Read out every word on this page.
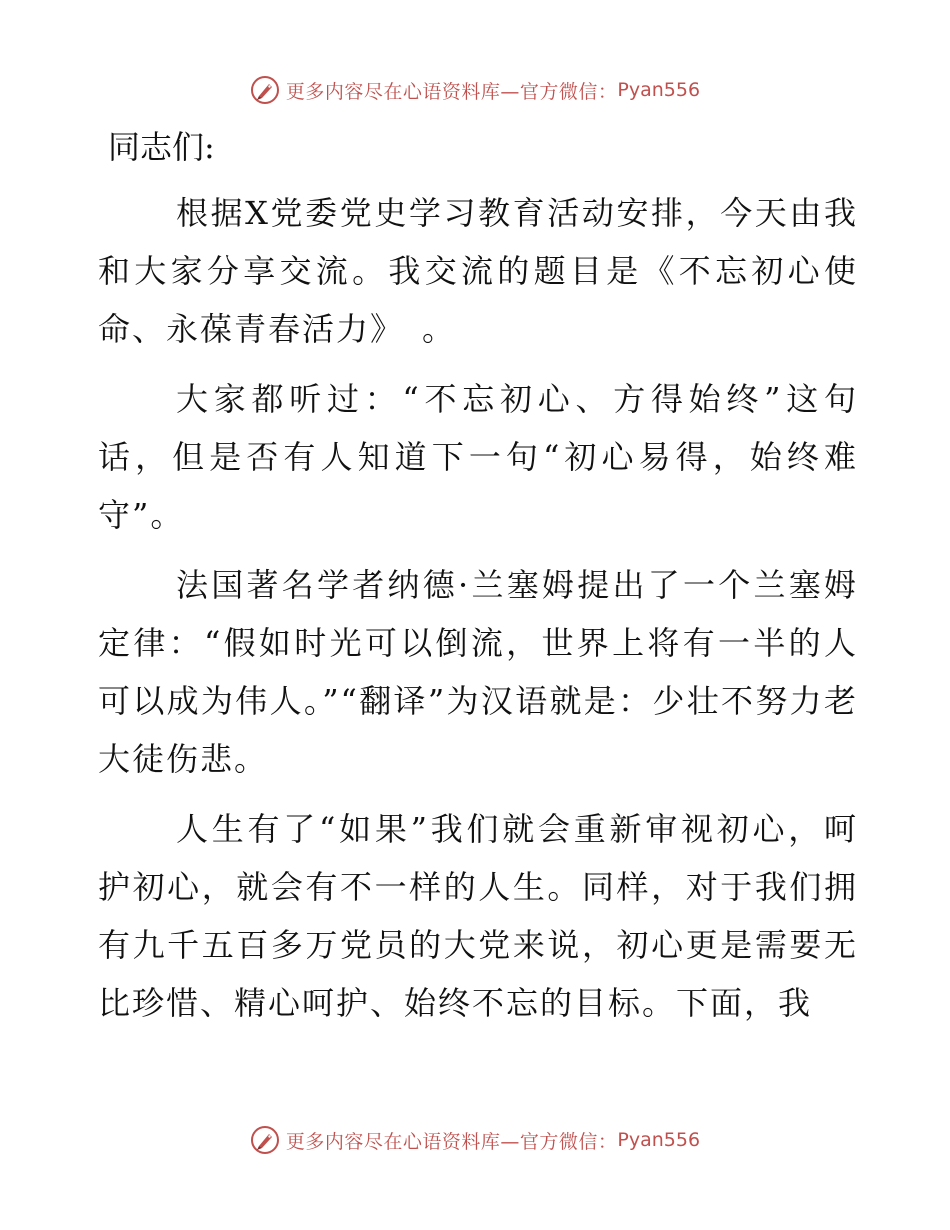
更多内容尽在心语资料库—官方微信： Pyan556
同志们:

根据X党委党史学习教育活动安排，今天由我和大家分享交流。我交流的题目是《不忘初心使命、永葆青春活力》　。

大家都听过：“不忘初心、方得始终”这句话，但是否有人知道下一句“初心易得，始终难守”。

法国著名学者纳德·兰塞姆提出了一个兰塞姆定律：“假如时光可以倒流，世界上将有一半的人可以成为伟人。”“翻译”为汉语就是：少壮不努力老大徒伤悲。

人生有了“如果”我们就会重新审视初心，呵护初心，就会有不一样的人生。同样，对于我们拥有九千五百多万党员的大党来说，初心更是需要无比珍惜、精心呵护、始终不忘的目标。下面，我

更多内容尽在心语资料库—官方微信： Pyan556
